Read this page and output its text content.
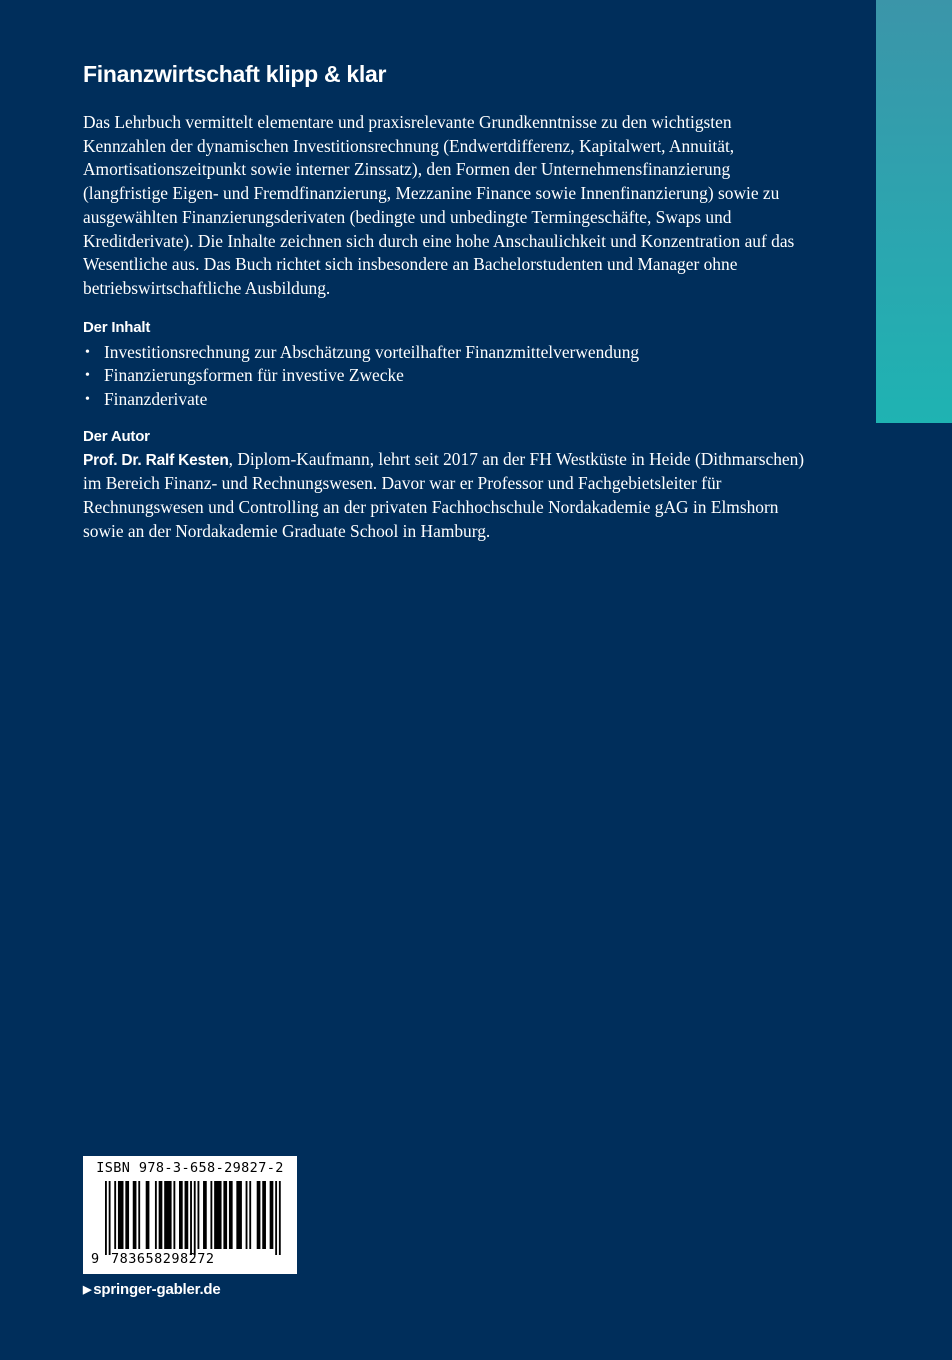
Finanzwirtschaft klipp & klar

Das Lehrbuch vermittelt elementare und praxisrelevante Grundkenntnisse zu den wichtigsten Kennzahlen der dynamischen Investitionsrechnung (Endwertdifferenz, Kapitalwert, Annuität, Amortisationszeitpunkt sowie interner Zinssatz), den Formen der Unternehmensfinanzierung (langfristige Eigen- und Fremdfinanzierung, Mezzanine Finance sowie Innenfinanzierung) sowie zu ausgewählten Finanzierungsderivaten (bedingte und unbedingte Termingeschäfte, Swaps und Kreditderivate). Die Inhalte zeichnen sich durch eine hohe Anschaulichkeit und Konzentration auf das Wesentliche aus. Das Buch richtet sich insbesondere an Bachelorstudenten und Manager ohne betriebswirtschaftliche Ausbildung.

Der Inhalt
• Investitionsrechnung zur Abschätzung vorteilhafter Finanzmittelverwendung
• Finanzierungsformen für investive Zwecke
• Finanzderivate
Der Autor

Prof. Dr. Ralf Kesten, Diplom-Kaufmann, lehrt seit 2017 an der FH Westküste in Heide (Dithmarschen) im Bereich Finanz- und Rechnungswesen. Davor war er Professor und Fachgebietsleiter für Rechnungswesen und Controlling an der privaten Fachhochschule Nordakademie gAG in Elmshorn sowie an der Nordakademie Graduate School in Hamburg.

ISBN 978-3-658-29827-2
9 783658298272
▶ springer-gabler.de
